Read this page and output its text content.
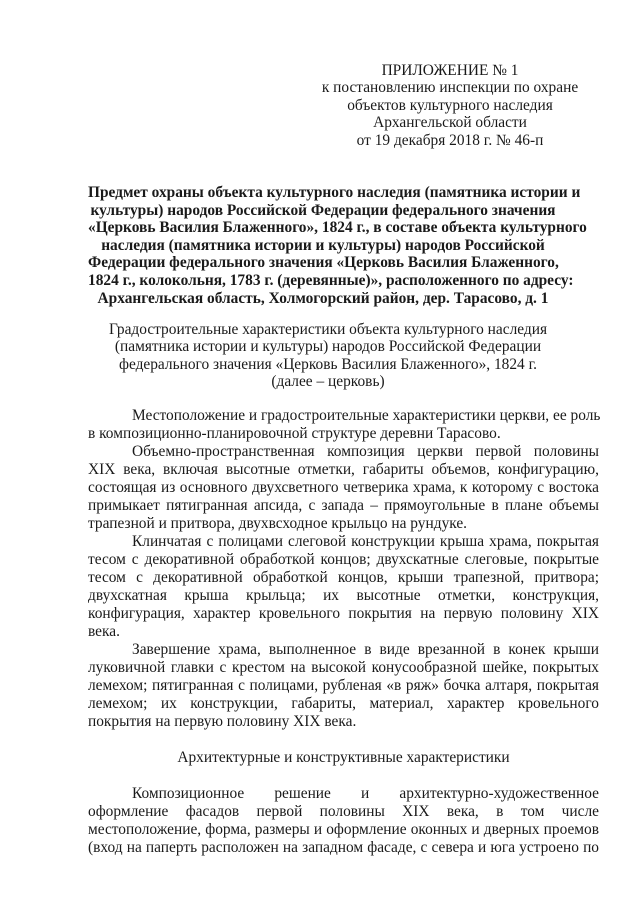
ПРИЛОЖЕНИЕ № 1
к постановлению инспекции по охране
объектов культурного наследия
Архангельской области
от 19 декабря 2018 г. № 46-п
Предмет охраны объекта культурного наследия (памятника истории и
культуры) народов Российской Федерации федерального значения
«Церковь Василия Блаженного», 1824 г., в составе объекта культурного
наследия (памятника истории и культуры) народов Российской
Федерации федерального значения «Церковь Василия Блаженного,
1824 г., колокольня, 1783 г. (деревянные)», расположенного по адресу:
Архангельская область, Холмогорский район, дер. Тарасово, д. 1
Градостроительные характеристики объекта культурного наследия
(памятника истории и культуры) народов Российской Федерации
федерального значения «Церковь Василия Блаженного», 1824 г.
(далее – церковь)
Местоположение и градостроительные характеристики церкви, ее роль
в композиционно-планировочной структуре деревни Тарасово.
Объемно-пространственная композиция церкви первой половины
XIX века, включая высотные отметки, габариты объемов, конфигурацию,
состоящая из основного двухсветного четверика храма, к которому с востока
примыкает пятигранная апсида, с запада – прямоугольные в плане объемы
трапезной и притвора, двухвсходное крыльцо на рундуке.
Клинчатая с полицами слеговой конструкции крыша храма, покрытая
тесом с декоративной обработкой концов; двухскатные слеговые, покрытые
тесом с декоративной обработкой концов, крыши трапезной, притвора;
двухскатная крыша крыльца; их высотные отметки, конструкция,
конфигурация, характер кровельного покрытия на первую половину XIX
века.
Завершение храма, выполненное в виде врезанной в конек крыши
луковичной главки с крестом на высокой конусообразной шейке, покрытых
лемехом; пятигранная с полицами, рубленая «в ряж» бочка алтаря, покрытая
лемехом; их конструкции, габариты, материал, характер кровельного
покрытия на первую половину XIX века.
Архитектурные и конструктивные характеристики
Композиционное решение и архитектурно-художественное
оформление фасадов первой половины XIX века, в том числе
местоположение, форма, размеры и оформление оконных и дверных проемов
(вход на паперть расположен на западном фасаде, с севера и юга устроено по
